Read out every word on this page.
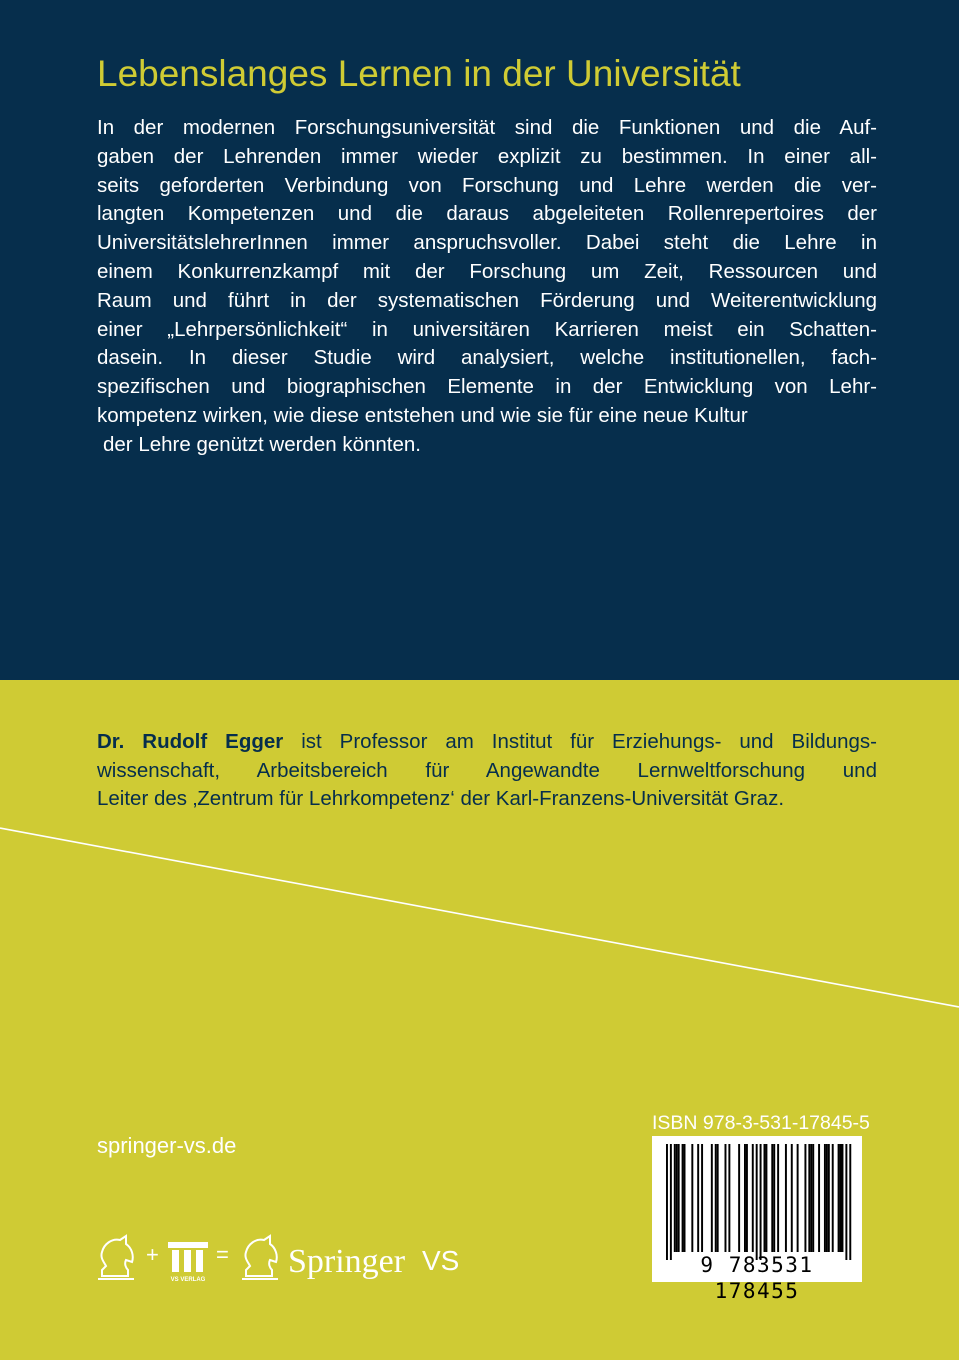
Lebenslanges Lernen in der Universität
In der modernen Forschungsuniversität sind die Funktionen und die Auf-
gaben der Lehrenden immer wieder explizit zu bestimmen. In einer all-
seits geforderten Verbindung von Forschung und Lehre werden die ver-
langten Kompetenzen und die daraus abgeleiteten Rollenrepertoires der
UniversitätslehrerInnen immer anspruchsvoller. Dabei steht die Lehre in
einem Konkurrenzkampf mit der Forschung um Zeit, Ressourcen und
Raum und führt in der systematischen Förderung und Weiterentwicklung
einer „Lehrpersönlichkeit“ in universitären Karrieren meist ein Schatten-
dasein. In dieser Studie wird analysiert, welche institutionellen, fach-
spezifischen und biographischen Elemente in der Entwicklung von Lehr-
kompetenz wirken, wie diese entstehen und wie sie für eine neue Kultur
der Lehre genützt werden könnten.
Dr. Rudolf Egger ist Professor am Institut für Erziehungs- und Bildungs-
wissenschaft, Arbeitsbereich für Angewandte Lernweltforschung und
Leiter des ‚Zentrum für Lehrkompetenz‘ der Karl-Franzens-Universität Graz.
springer-vs.de
+
VS VERLAG
= Springer VS
ISBN 978-3-531-17845-5
9 783531 178455
